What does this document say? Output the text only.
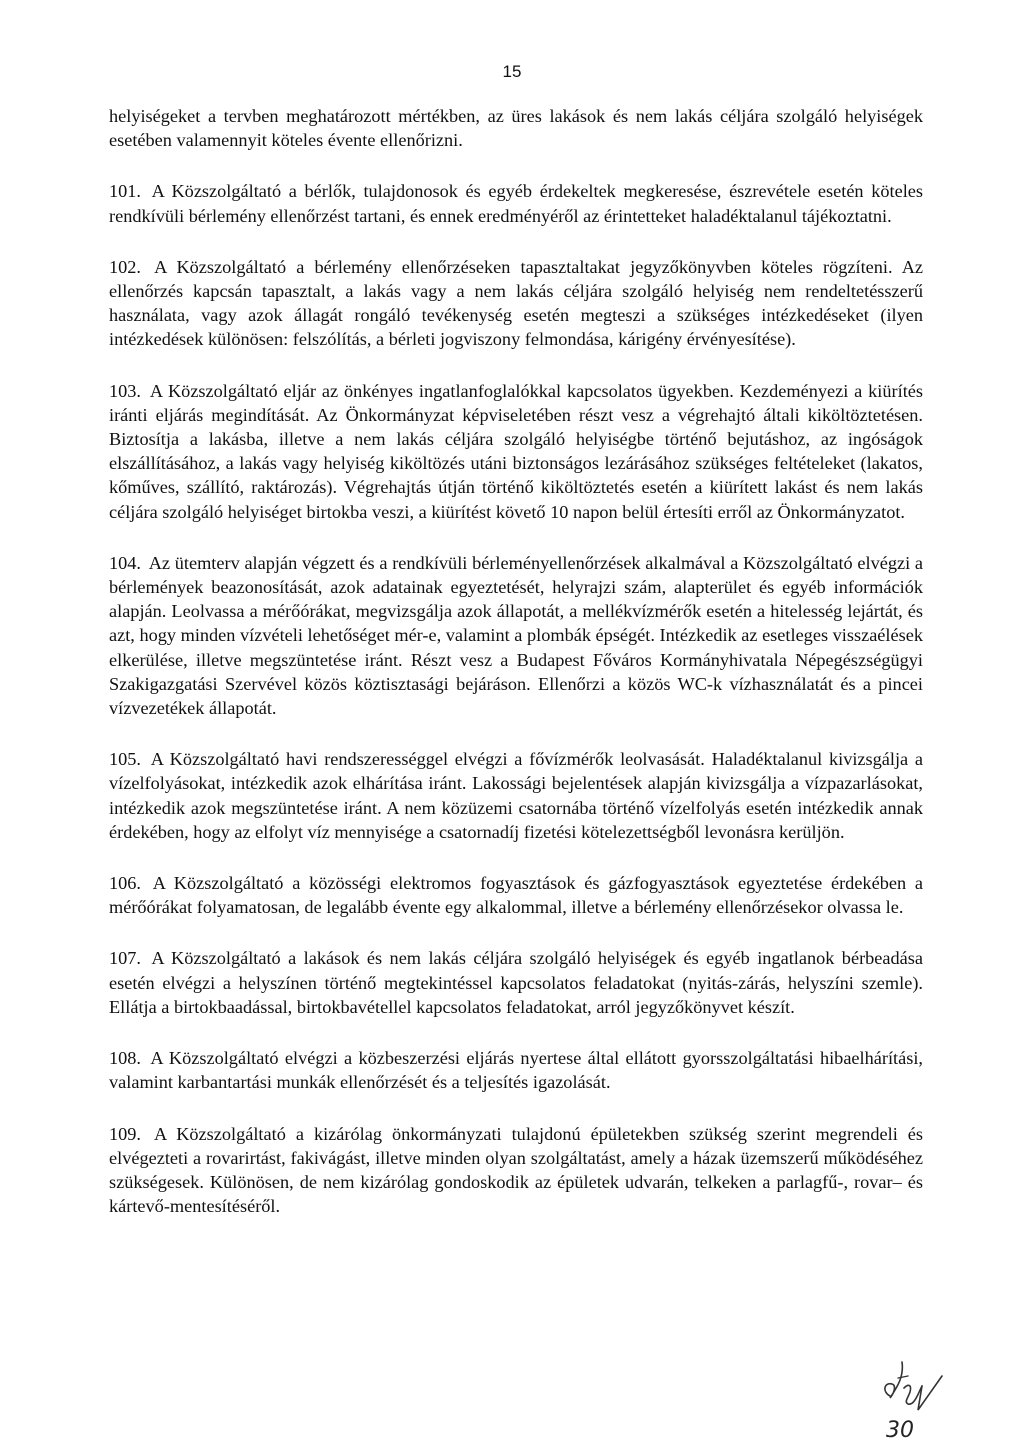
15

helyiségeket a tervben meghatározott mértékben, az üres lakások és nem lakás céljára szolgáló helyiségek esetében valamennyit köteles évente ellenőrizni.

101. A Közszolgáltató a bérlők, tulajdonosok és egyéb érdekeltek megkeresése, észrevétele esetén köteles rendkívüli bérlemény ellenőrzést tartani, és ennek eredményéről az érintetteket haladéktalanul tájékoztatni.

102. A Közszolgáltató a bérlemény ellenőrzéseken tapasztaltakat jegyzőkönyvben köteles rögzíteni. Az ellenőrzés kapcsán tapasztalt, a lakás vagy a nem lakás céljára szolgáló helyiség nem rendeltetésszerű használata, vagy azok állagát rongáló tevékenység esetén megteszi a szükséges intézkedéseket (ilyen intézkedések különösen: felszólítás, a bérleti jogviszony felmondása, kárigény érvényesítése).

103. A Közszolgáltató eljár az önkényes ingatlanfoglalókkal kapcsolatos ügyekben. Kezdeményezi a kiürítés iránti eljárás megindítását. Az Önkormányzat képviseletében részt vesz a végrehajtó általi kiköltöztetésen. Biztosítja a lakásba, illetve a nem lakás céljára szolgáló helyiségbe történő bejutáshoz, az ingóságok elszállításához, a lakás vagy helyiség kiköltözés utáni biztonságos lezárásához szükséges feltételeket (lakatos, kőműves, szállító, raktározás). Végrehajtás útján történő kiköltöztetés esetén a kiürített lakást és nem lakás céljára szolgáló helyiséget birtokba veszi, a kiürítést követő 10 napon belül értesíti erről az Önkormányzatot.

104. Az ütemterv alapján végzett és a rendkívüli bérleményellenőrzések alkalmával a Közszolgáltató elvégzi a bérlemények beazonosítását, azok adatainak egyeztetését, helyrajzi szám, alapterület és egyéb információk alapján. Leolvassa a mérőórákat, megvizsgálja azok állapotát, a mellékvízmérők esetén a hitelesség lejártát, és azt, hogy minden vízvételi lehetőséget mér-e, valamint a plombák épségét. Intézkedik az esetleges visszaélések elkerülése, illetve megszüntetése iránt. Részt vesz a Budapest Főváros Kormányhivatala Népegészségügyi Szakigazgatási Szervével közös köztisztasági bejáráson. Ellenőrzi a közös WC-k vízhasználatát és a pincei vízvezetékek állapotát.

105. A Közszolgáltató havi rendszerességgel elvégzi a fővízmérők leolvasását. Haladéktalanul kivizsgálja a vízelfolyásokat, intézkedik azok elhárítása iránt. Lakossági bejelentések alapján kivizsgálja a vízpazarlásokat, intézkedik azok megszüntetése iránt. A nem közüzemi csatornába történő vízelfolyás esetén intézkedik annak érdekében, hogy az elfolyt víz mennyisége a csatornadíj fizetési kötelezettségből levonásra kerüljön.

106. A Közszolgáltató a közösségi elektromos fogyasztások és gázfogyasztások egyeztetése érdekében a mérőórákat folyamatosan, de legalább évente egy alkalommal, illetve a bérlemény ellenőrzésekor olvassa le.

107. A Közszolgáltató a lakások és nem lakás céljára szolgáló helyiségek és egyéb ingatlanok bérbeadása esetén elvégzi a helyszínen történő megtekintéssel kapcsolatos feladatokat (nyitás-zárás, helyszíni szemle). Ellátja a birtokbaadással, birtokbavétellel kapcsolatos feladatokat, arról jegyzőkönyvet készít.

108. A Közszolgáltató elvégzi a közbeszerzési eljárás nyertese által ellátott gyorsszolgáltatási hibaelhárítási, valamint karbantartási munkák ellenőrzését és a teljesítés igazolását.

109. A Közszolgáltató a kizárólag önkormányzati tulajdonú épületekben szükség szerint megrendeli és elvégezteti a rovarirtást, fakivágást, illetve minden olyan szolgáltatást, amely a házak üzemszerű működéséhez szükségesek. Különösen, de nem kizárólag gondoskodik az épületek udvarán, telkeken a parlagfű-, rovar– és kártevő-mentesítéséről.

30
